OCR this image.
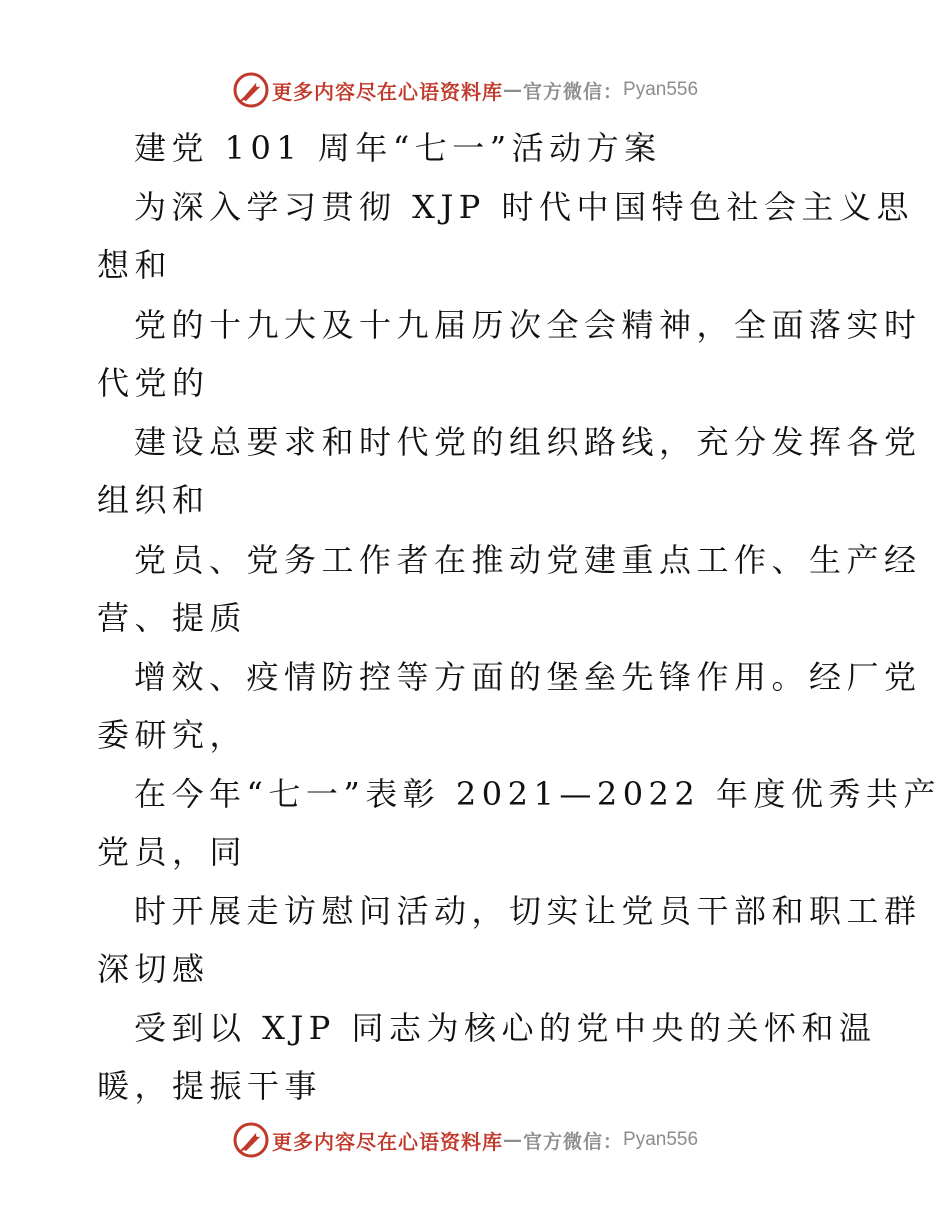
更多内容尽在心语资料库 — 官方微信： Pyan556
建党 101 周年“七一”活动方案
为深入学习贯彻 XJP 时代中国特色社会主义思
想和
党的十九大及十九届历次全会精神，全面落实时
代党的
建设总要求和时代党的组织路线，充分发挥各党
组织和
党员、党务工作者在推动党建重点工作、生产经
营、提质
增效、疫情防控等方面的堡垒先锋作用。经厂党
委研究，
在今年“七一”表彰 2021—2022 年度优秀共产
党员，同
时开展走访慰问活动，切实让党员干部和职工群
深切感
受到以 XJP 同志为核心的党中央的关怀和温
暖，提振干事
更多内容尽在心语资料库 — 官方微信： Pyan556
